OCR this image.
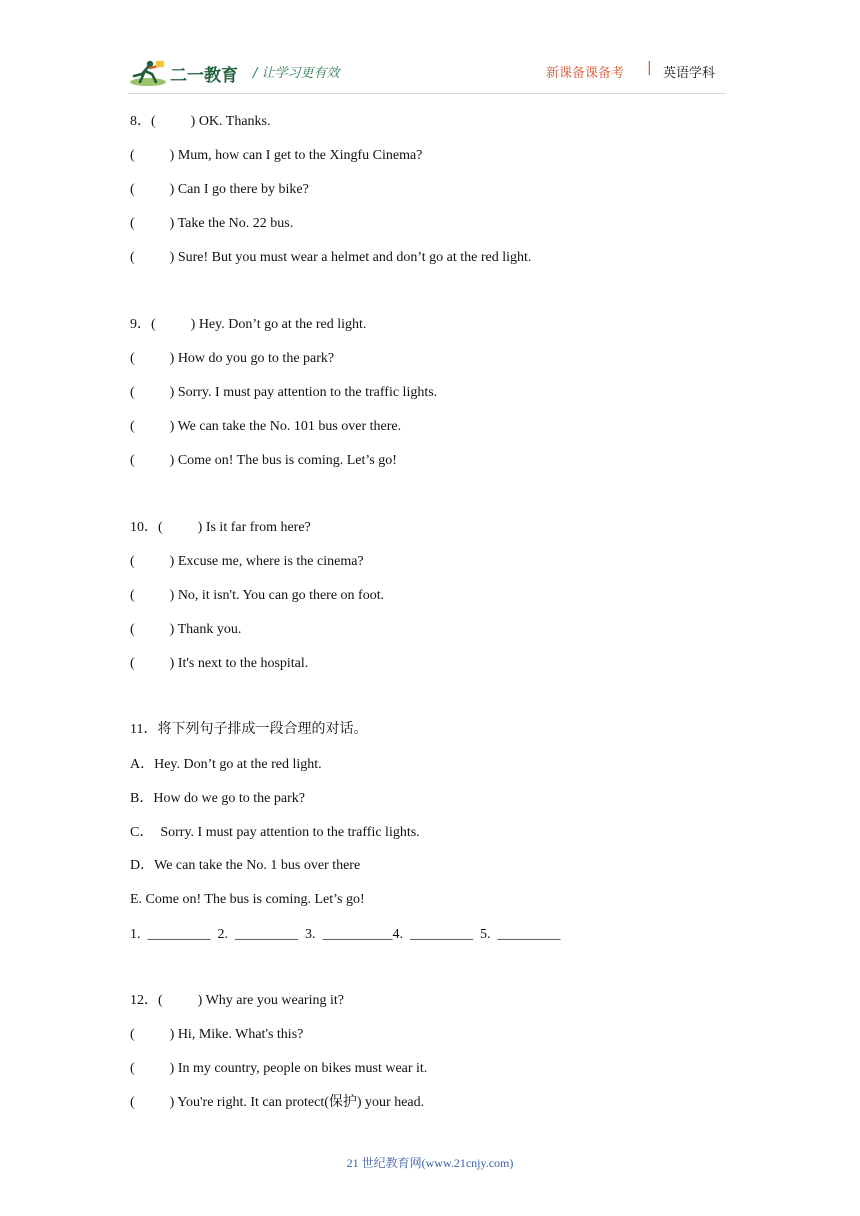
二一教育 / 让学习更有效	新课备课备考 | 英语学科
8．(          ) OK. Thanks.
(          ) Mum, how can I get to the Xingfu Cinema?
(          ) Can I go there by bike?
(          ) Take the No. 22 bus.
(          ) Sure! But you must wear a helmet and don’t go at the red light.
9．(          ) Hey. Don’t go at the red light.
(          ) How do you go to the park?
(          ) Sorry. I must pay attention to the traffic lights.
(          ) We can take the No. 101 bus over there.
(          ) Come on! The bus is coming. Let’s go!
10．(          ) Is it far from here?
(          ) Excuse me, where is the cinema?
(          ) No, it isn't. You can go there on foot.
(          ) Thank you.
(          ) It's next to the hospital.
11．将下列句子排成一段合理的对话。
A．Hey. Don’t go at the red light.
B．How do we go to the park?
C．  Sorry. I must pay attention to the traffic lights.
D．We can take the No. 1 bus over there
E. Come on! The bus is coming. Let’s go!
1.  _________  2.  _________  3.  __________4.  _________  5.  _________
12．(          ) Why are you wearing it?
(          ) Hi, Mike. What's this?
(          ) In my country, people on bikes must wear it.
(          ) You're right. It can protect(保护) your head.
21 世纪教育网(www.21cnjy.com)
